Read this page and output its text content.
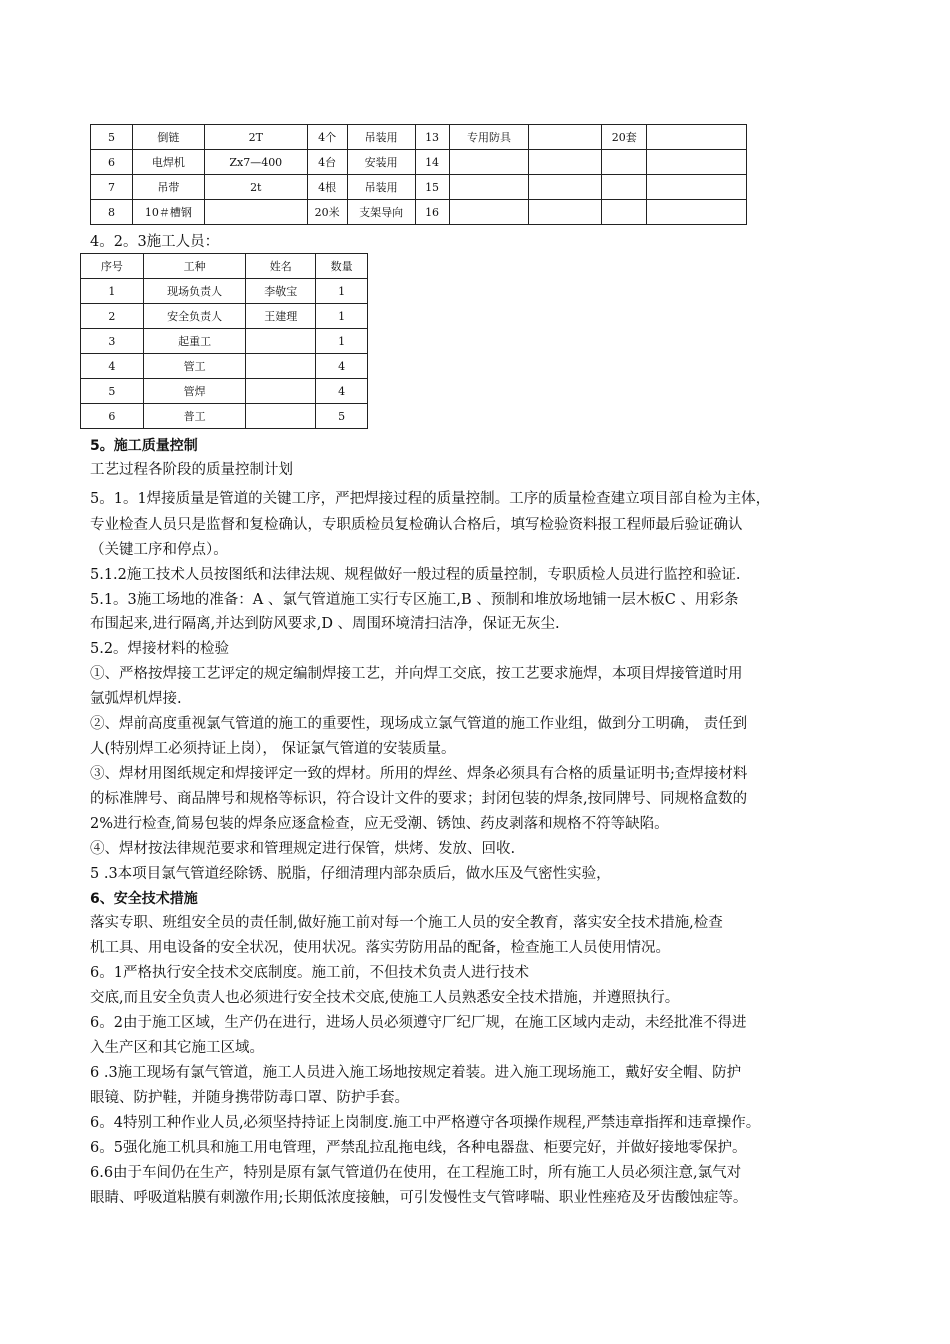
5	倒链	2T	4个	吊装用	13	专用防具		20套	
6	电焊机	Zx7—400	4台	安装用	14				
7	吊带	2t	4根	吊装用	15				
8	10＃槽钢		20米	支架导向	16				
4。2。3施工人员：
序号	工种	姓名	数量
1	现场负责人	李敬宝	1
2	安全负责人	王建理	1
3	起重工		1
4	管工		4
5	管焊		4
6	普工		5
5。施工质量控制
工艺过程各阶段的质量控制计划
5。1。1焊接质量是管道的关键工序，严把焊接过程的质量控制。工序的质量检查建立项目部自检为主体，
专业检查人员只是监督和复检确认，专职质检员复检确认合格后，填写检验资料报工程师最后验证确认
（关键工序和停点）。
5.1.2施工技术人员按图纸和法律法规、规程做好一般过程的质量控制，专职质检人员进行监控和验证.
5.1。3施工场地的准备：A 、氯气管道施工实行专区施工,B 、预制和堆放场地铺一层木板C 、用彩条
布围起来,进行隔离,并达到防风要求,D 、周围环境清扫洁净，保证无灰尘.
5.2。焊接材料的检验
①、严格按焊接工艺评定的规定编制焊接工艺，并向焊工交底，按工艺要求施焊，本项目焊接管道时用
氩弧焊机焊接.
②、焊前高度重视氯气管道的施工的重要性，现场成立氯气管道的施工作业组，做到分工明确， 责任到
人(特别焊工必须持证上岗）， 保证氯气管道的安装质量。
③、焊材用图纸规定和焊接评定一致的焊材。所用的焊丝、焊条必须具有合格的质量证明书;查焊接材料
的标准牌号、商品牌号和规格等标识，符合设计文件的要求；封闭包装的焊条,按同牌号、同规格盒数的
2%进行检查,简易包装的焊条应逐盒检查，应无受潮、锈蚀、药皮剥落和规格不符等缺陷。
④、焊材按法律规范要求和管理规定进行保管，烘烤、发放、回收.
5 .3本项目氯气管道经除锈、脱脂，仔细清理内部杂质后，做水压及气密性实验，
6、安全技术措施
落实专职、班组安全员的责任制,做好施工前对每一个施工人员的安全教育，落实安全技术措施,检查
机工具、用电设备的安全状况，使用状况。落实劳防用品的配备，检查施工人员使用情况。
6。1严格执行安全技术交底制度。施工前，不但技术负责人进行技术
交底,而且安全负责人也必须进行安全技术交底,使施工人员熟悉安全技术措施，并遵照执行。
6。2由于施工区域，生产仍在进行，进场人员必须遵守厂纪厂规，在施工区域内走动，未经批准不得进
入生产区和其它施工区域。
6 .3施工现场有氯气管道，施工人员进入施工场地按规定着装。进入施工现场施工，戴好安全帽、防护
眼镜、防护鞋，并随身携带防毒口罩、防护手套。
6。4特别工种作业人员,必须坚持持证上岗制度.施工中严格遵守各项操作规程,严禁违章指挥和违章操作。
6。5强化施工机具和施工用电管理，严禁乱拉乱拖电线，各种电器盘、柜要完好，并做好接地零保护。
6.6由于车间仍在生产，特别是原有氯气管道仍在使用，在工程施工时，所有施工人员必须注意,氯气对
眼睛、呼吸道粘膜有刺激作用;长期低浓度接触，可引发慢性支气管哮喘、职业性痤疮及牙齿酸蚀症等。
